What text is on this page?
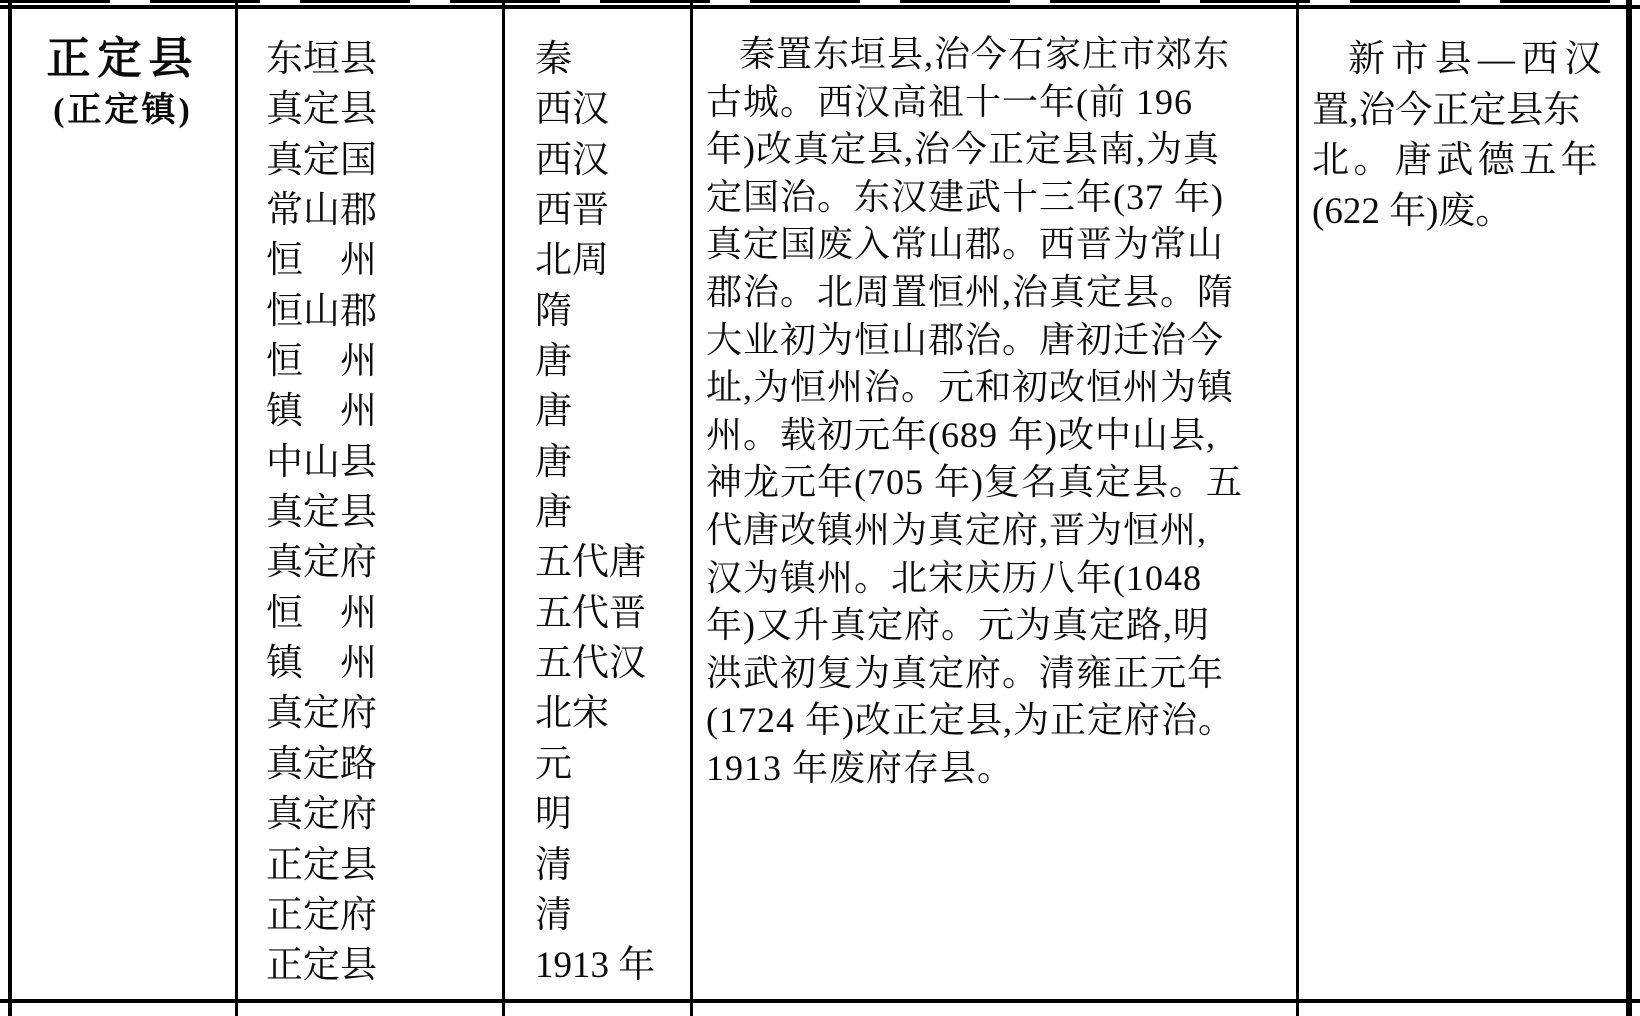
正定县
(正定镇)
东垣县
真定县
真定国
常山郡
恒　州
恒山郡
恒　州
镇　州
中山县
真定县
真定府
恒　州
镇　州
真定府
真定路
真定府
正定县
正定府
正定县
秦
西汉
西汉
西晋
北周
隋
唐
唐
唐
唐
五代唐
五代晋
五代汉
北宋
元
明
清
清
1913 年
秦置东垣县,治今石家庄市郊东
古城。西汉高祖十一年(前 196
年)改真定县,治今正定县南,为真
定国治。东汉建武十三年(37 年)
真定国废入常山郡。西晋为常山
郡治。北周置恒州,治真定县。隋
大业初为恒山郡治。唐初迁治今
址,为恒州治。元和初改恒州为镇
州。载初元年(689 年)改中山县,
神龙元年(705 年)复名真定县。五
代唐改镇州为真定府,晋为恒州,
汉为镇州。北宋庆历八年(1048
年)又升真定府。元为真定路,明
洪武初复为真定府。清雍正元年
(1724 年)改正定县,为正定府治。
1913 年废府存县。
新市县—西汉
置,治今正定县东
北。唐武德五年
(622 年)废。
